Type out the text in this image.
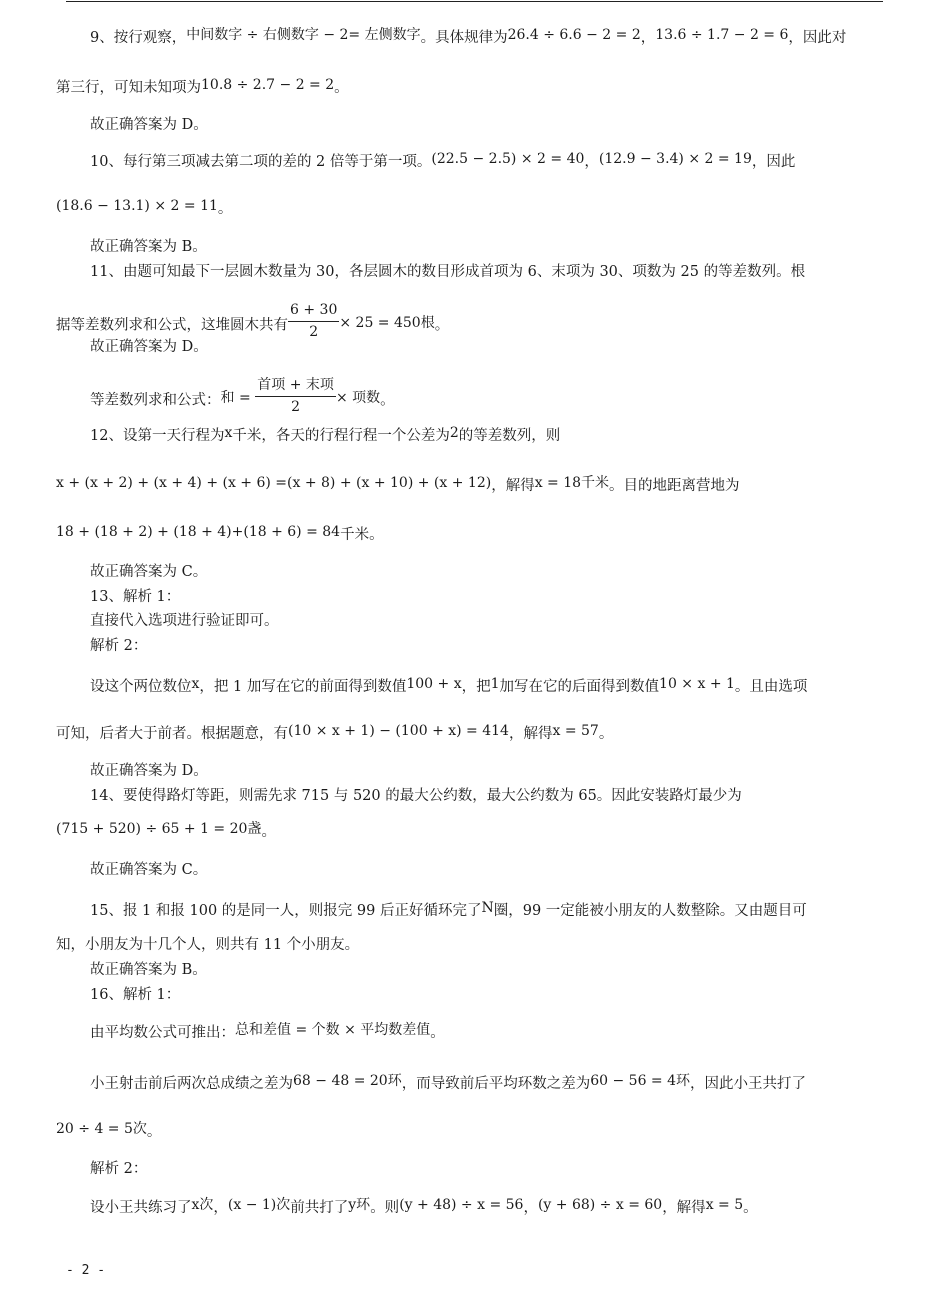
9、按行观察，中间数字 ÷ 右侧数字 − 2= 左侧数字。具体规律为26.4 ÷ 6.6 − 2 = 2，13.6 ÷ 1.7 − 2 = 6，因此对
第三行，可知未知项为10.8 ÷ 2.7 − 2 = 2。
故正确答案为 D。
10、每行第三项减去第二项的差的 2 倍等于第一项。(22.5 − 2.5) × 2 = 40，(12.9 − 3.4) × 2 = 19，因此
(18.6 − 13.1) × 2 = 11。
故正确答案为 B。
11、由题可知最下一层圆木数量为 30，各层圆木的数目形成首项为 6、末项为 30、项数为 25 的等差数列。根
据等差数列求和公式，这堆圆木共有 $\frac{6 + 30}{2} \times 25 = 450$根。
故正确答案为 D。
等差数列求和公式：和 = $\frac{\text{首项 + 末项}}{2}$ × 项数。
12、设第一天行程为x千米，各天的行程行程一个公差为2的等差数列，则
x + (x + 2) + (x + 4) + (x + 6) =(x + 8) + (x + 10) + (x + 12)，解得x = 18千米。目的地距离营地为
18 + (18 + 2) + (18 + 4)+(18 + 6) = 84千米。
故正确答案为 C。
13、解析 1：
直接代入选项进行验证即可。
解析 2：
设这个两位数位x，把 1 加写在它的前面得到数值100 + x，把1加写在它的后面得到数值10 × x + 1。且由选项
可知，后者大于前者。根据题意，有(10 × x + 1) − (100 + x) = 414，解得x = 57。
故正确答案为 D。
14、要使得路灯等距，则需先求 715 与 520 的最大公约数，最大公约数为 65。因此安装路灯最少为
(715 + 520) ÷ 65 + 1 = 20盏。
故正确答案为 C。
15、报 1 和报 100 的是同一人，则报完 99 后正好循环完了N圈，99 一定能被小朋友的人数整除。又由题目可
知，小朋友为十几个人，则共有 11 个小朋友。
故正确答案为 B。
16、解析 1：
由平均数公式可推出：总和差值 = 个数 × 平均数差值。
小王射击前后两次总成绩之差为68 − 48 = 20环，而导致前后平均环数之差为60 − 56 = 4环，因此小王共打了
20 ÷ 4 = 5次。
解析 2：
设小王共练习了x次，(x − 1)次前共打了y环。则(y + 48) ÷ x = 56，(y + 68) ÷ x = 60，解得x = 5。
- 2 -
